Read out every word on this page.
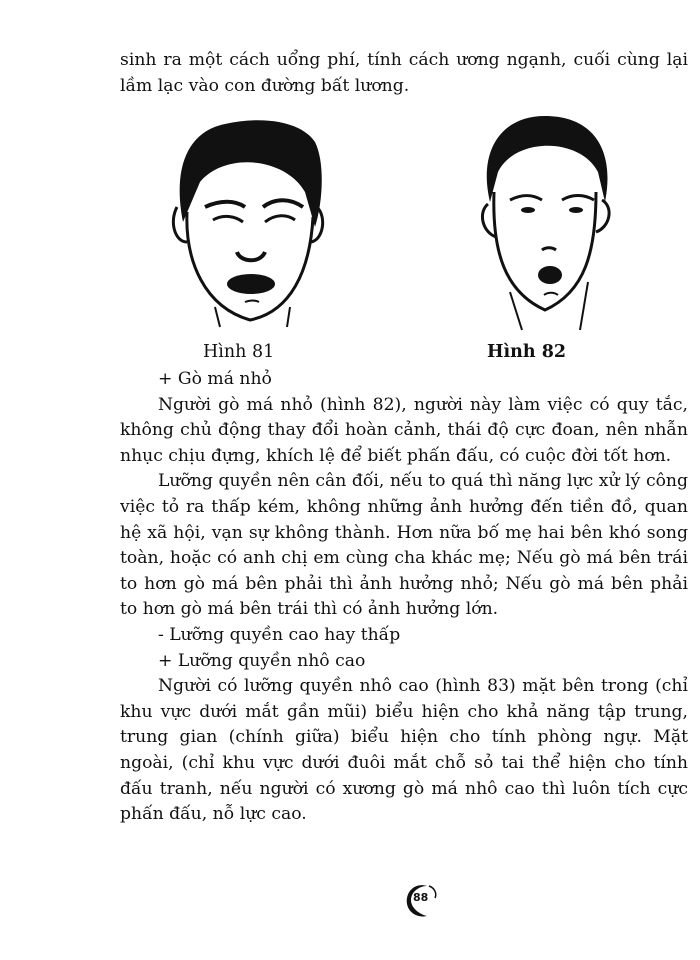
sinh ra một cách uổng phí, tính cách ương ngạnh, cuối cùng lại lầm lạc vào con đường bất lương.

Hình 81	Hình 82

+ Gò má nhỏ

Người gò má nhỏ (hình 82), người này làm việc có quy tắc, không chủ động thay đổi hoàn cảnh, thái độ cực đoan, nên nhẫn nhục chịu đựng, khích lệ để biết phấn đấu, có cuộc đời tốt hơn.

Lưỡng quyền nên cân đối, nếu to quá thì năng lực xử lý công việc tỏ ra thấp kém, không những ảnh hưởng đến tiền đồ, quan hệ xã hội, vạn sự không thành. Hơn nữa bố mẹ hai bên khó song toàn, hoặc có anh chị em cùng cha khác mẹ; Nếu gò má bên trái to hơn gò má bên phải thì ảnh hưởng nhỏ; Nếu gò má bên phải to hơn gò má bên trái thì có ảnh hưởng lớn.

- Lưỡng quyền cao hay thấp

+ Lưỡng quyền nhô cao

Người có lưỡng quyền nhô cao (hình 83) mặt bên trong (chỉ khu vực dưới mắt gần mũi) biểu hiện cho khả năng tập trung, trung gian (chính giữa) biểu hiện cho tính phòng ngự. Mặt ngoài, (chỉ khu vực dưới đuôi mắt chỗ sỏ tai thể hiện cho tính đấu tranh, nếu người có xương gò má nhô cao thì luôn tích cực phấn đấu, nỗ lực cao.

88
